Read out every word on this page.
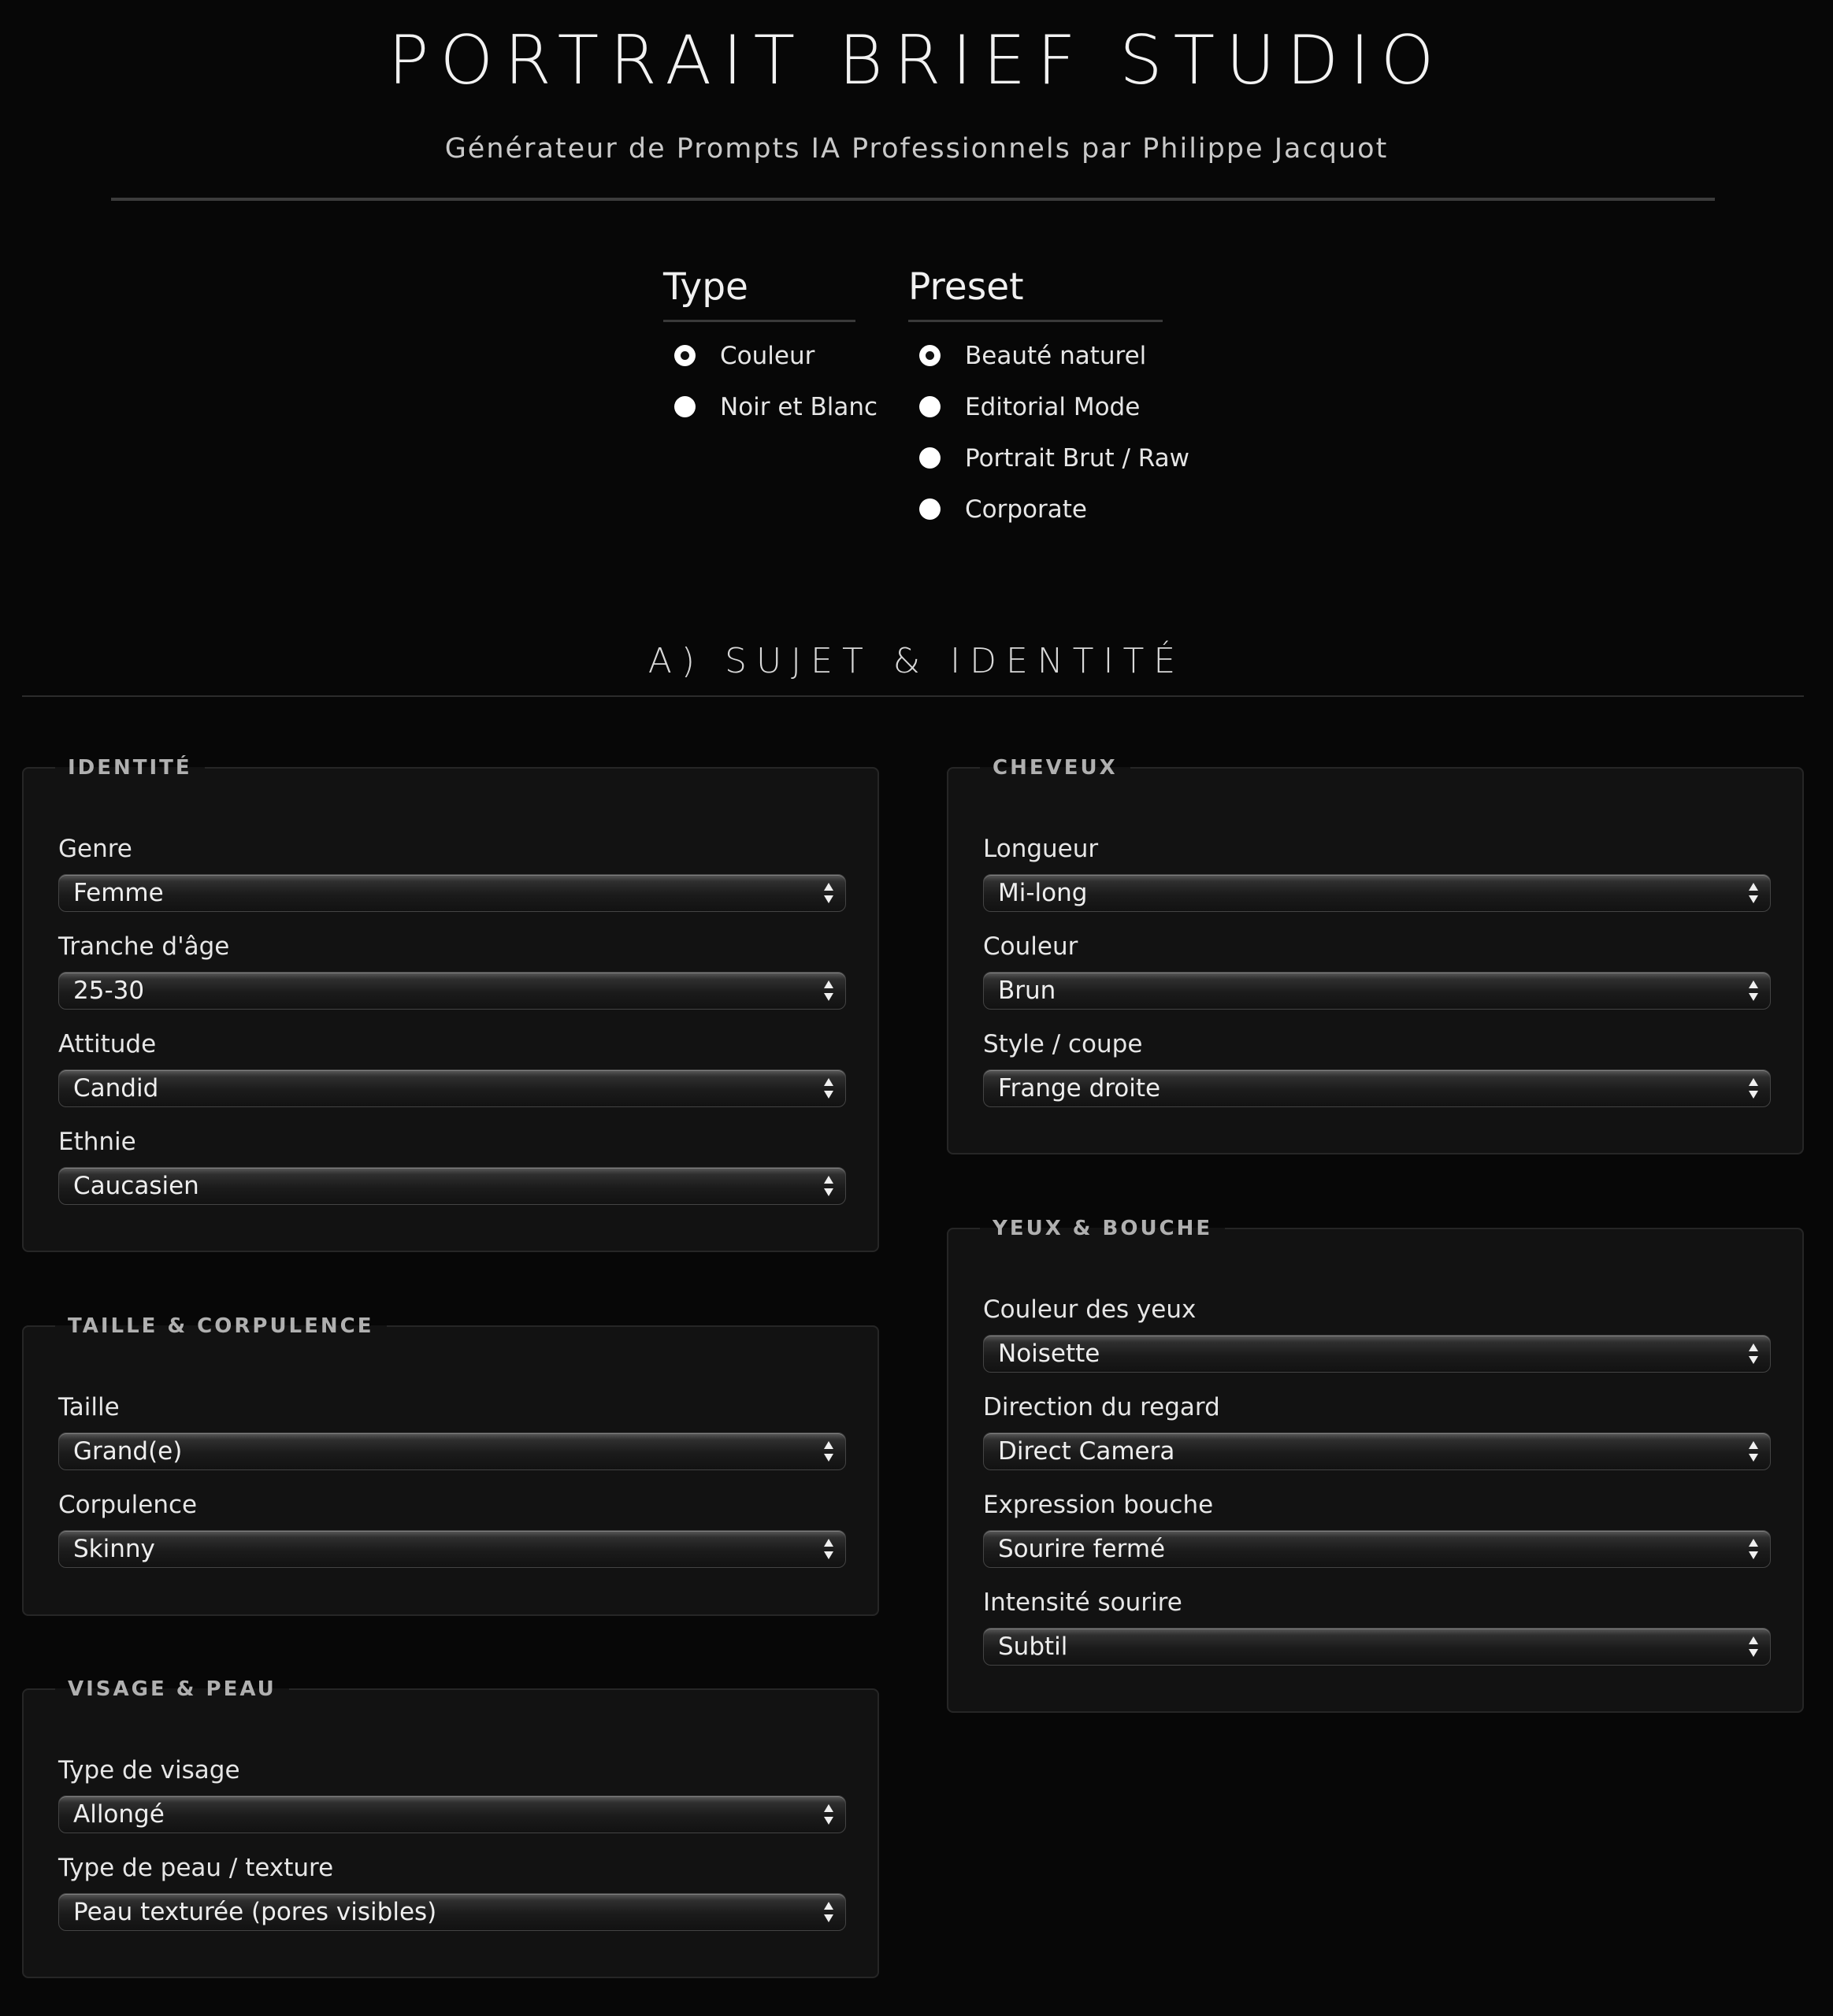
PORTRAIT BRIEF STUDIO
Générateur de Prompts IA Professionnels par Philippe Jacquot
Type
Couleur
Noir et Blanc
Preset
Beauté naturel
Editorial Mode
Portrait Brut / Raw
Corporate
A) SUJET & IDENTITÉ
IDENTITÉ
TAILLE & CORPULENCE
VISAGE & PEAU
CHEVEUX
YEUX & BOUCHE
Genre
Femme
Tranche d'âge
25-30
Attitude
Candid
Ethnie
Caucasien
Taille
Grand(e)
Corpulence
Skinny
Type de visage
Allongé
Type de peau / texture
Peau texturée (pores visibles)
Longueur
Mi-long
Couleur
Brun
Style / coupe
Frange droite
Couleur des yeux
Noisette
Direction du regard
Direct Camera
Expression bouche
Sourire fermé
Intensité sourire
Subtil
